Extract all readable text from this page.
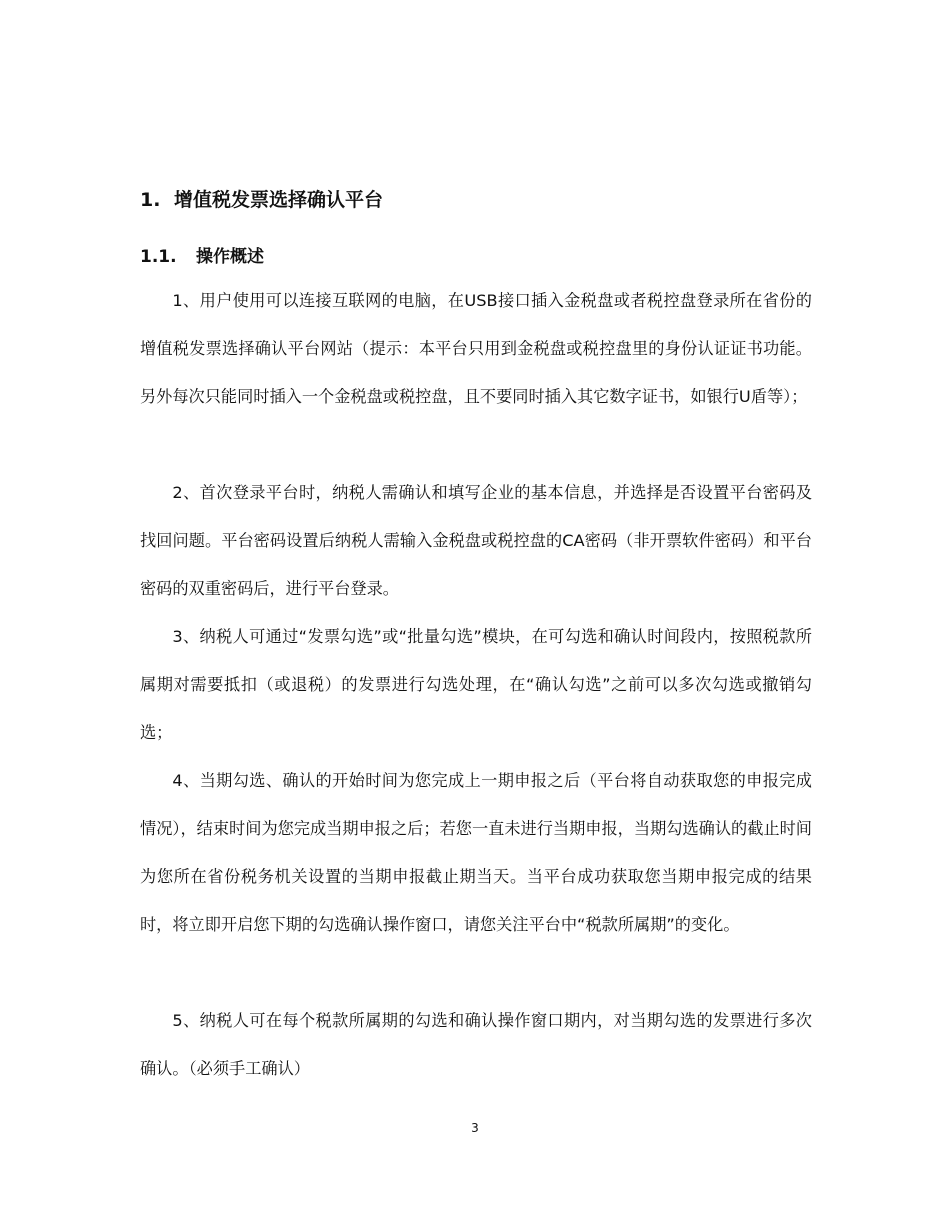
1. 增值税发票选择确认平台
1.1. 操作概述

1、用户使用可以连接互联网的电脑，在USB接口插入金税盘或者税控盘登录所在省份的增值税发票选择确认平台网站（提示：本平台只用到金税盘或税控盘里的身份认证证书功能。另外每次只能同时插入一个金税盘或税控盘，且不要同时插入其它数字证书，如银行U盾等）；

2、首次登录平台时，纳税人需确认和填写企业的基本信息，并选择是否设置平台密码及找回问题。平台密码设置后纳税人需输入金税盘或税控盘的CA密码（非开票软件密码）和平台密码的双重密码后，进行平台登录。

3、纳税人可通过“发票勾选”或“批量勾选”模块，在可勾选和确认时间段内，按照税款所属期对需要抵扣（或退税）的发票进行勾选处理，在“确认勾选”之前可以多次勾选或撤销勾选；

4、当期勾选、确认的开始时间为您完成上一期申报之后（平台将自动获取您的申报完成情况），结束时间为您完成当期申报之后；若您一直未进行当期申报，当期勾选确认的截止时间为您所在省份税务机关设置的当期申报截止期当天。当平台成功获取您当期申报完成的结果时，将立即开启您下期的勾选确认操作窗口，请您关注平台中“税款所属期”的变化。

5、纳税人可在每个税款所属期的勾选和确认操作窗口期内，对当期勾选的发票进行多次确认。（必须手工确认）

3
